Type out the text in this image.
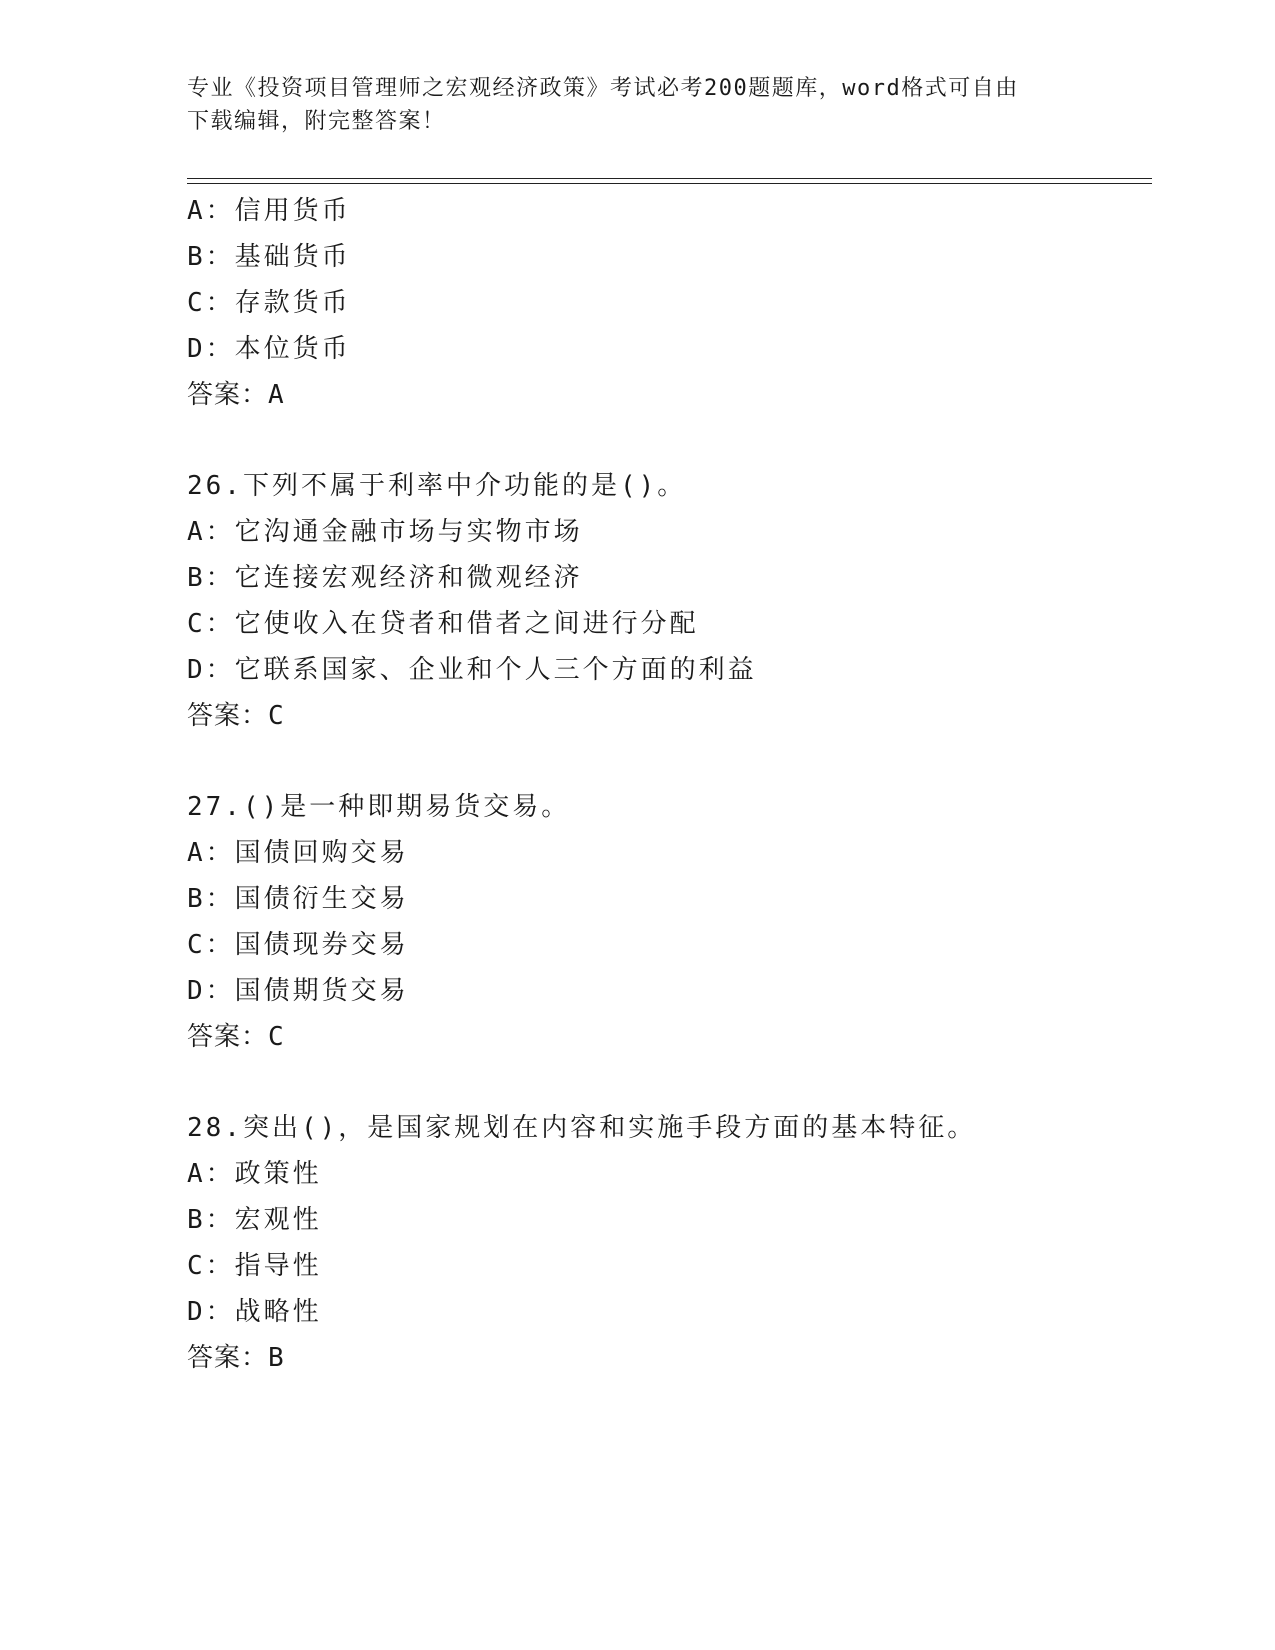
专业《投资项目管理师之宏观经济政策》考试必考200题题库，word格式可自由
下载编辑，附完整答案！
A：信用货币
B：基础货币
C：存款货币
D：本位货币
答案：A
26.下列不属于利率中介功能的是()。
A：它沟通金融市场与实物市场
B：它连接宏观经济和微观经济
C：它使收入在贷者和借者之间进行分配
D：它联系国家、企业和个人三个方面的利益
答案：C
27.()是一种即期易货交易。
A：国债回购交易
B：国债衍生交易
C：国债现券交易
D：国债期货交易
答案：C
28.突出()，是国家规划在内容和实施手段方面的基本特征。
A：政策性
B：宏观性
C：指导性
D：战略性
答案：B
